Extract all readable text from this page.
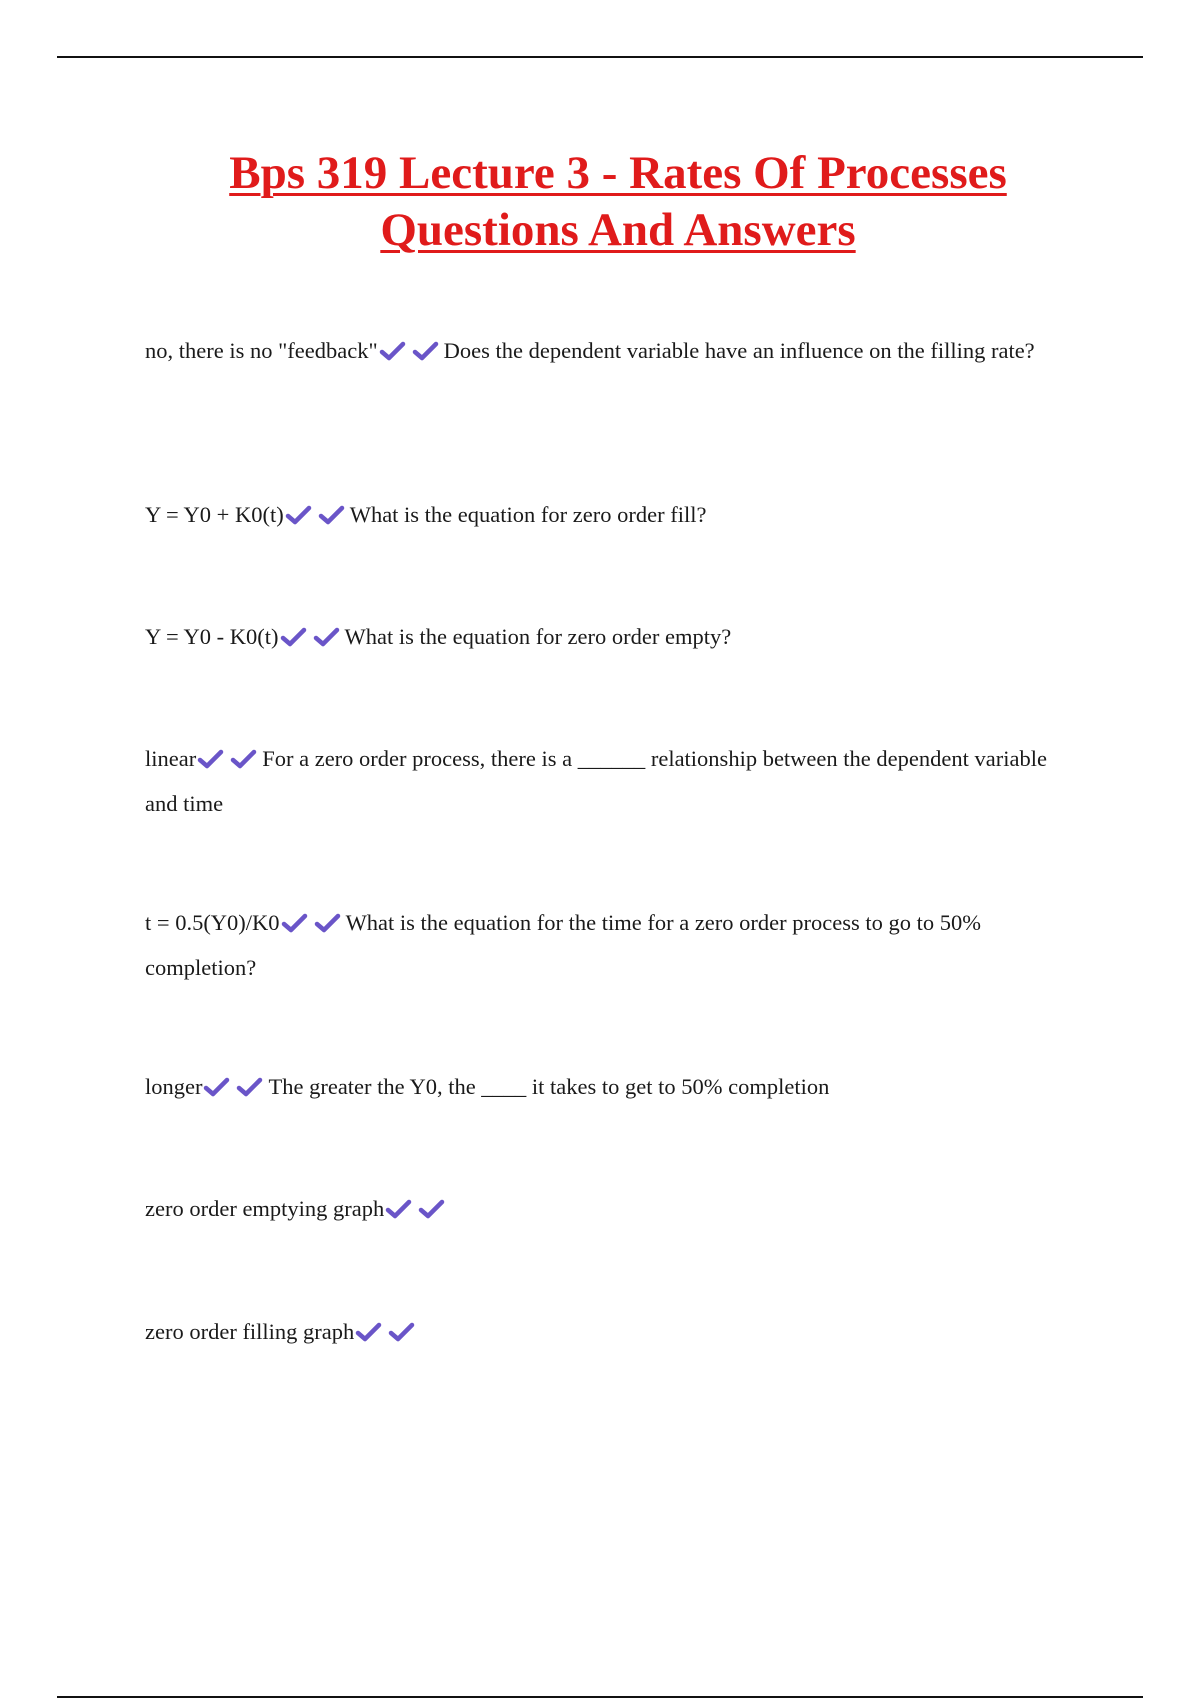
Bps 319 Lecture 3 - Rates Of Processes
Questions And Answers
no, there is no "feedback"	Does the dependent variable have an influence on the filling rate?
Y = Y0 + K0(t)	What is the equation for zero order fill?
Y = Y0 - K0(t)	What is the equation for zero order empty?
linear	For a zero order process, there is a ______ relationship between the dependent variable and time
t = 0.5(Y0)/K0	What is the equation for the time for a zero order process to go to 50% completion?
longer	The greater the Y0, the ____ it takes to get to 50% completion
zero order emptying graph
zero order filling graph
